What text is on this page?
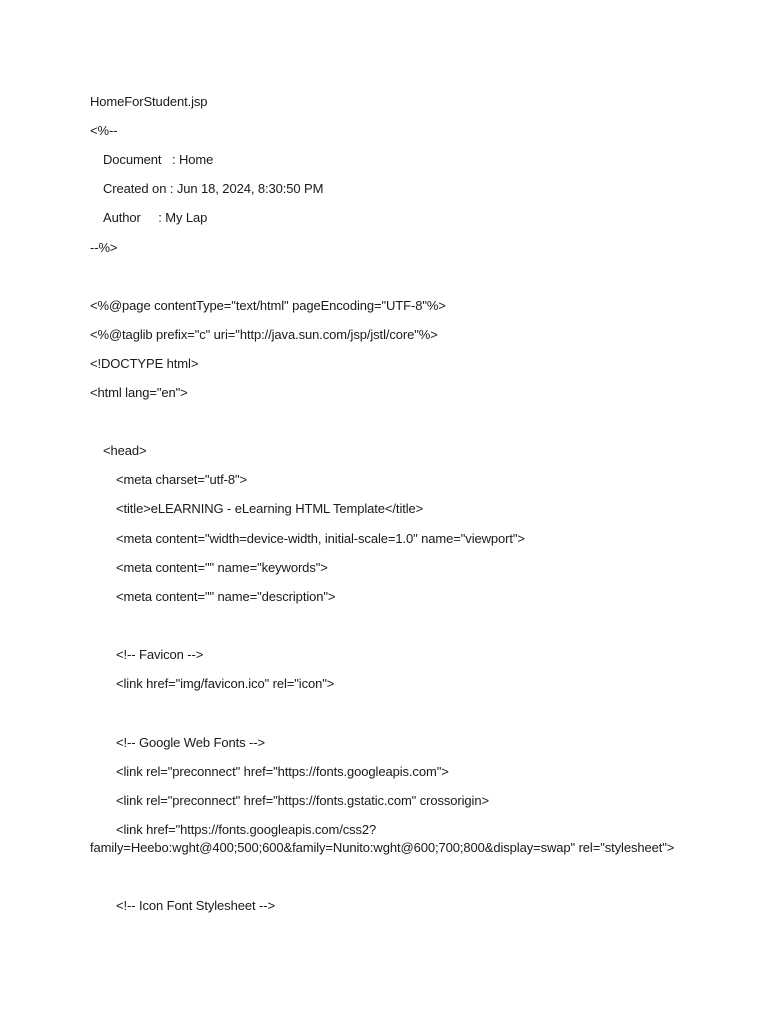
HomeForStudent.jsp
<%--
Document   : Home
Created on : Jun 18, 2024, 8:30:50 PM
Author     : My Lap
--%>
<%@page contentType="text/html" pageEncoding="UTF-8"%>
<%@taglib prefix="c" uri="http://java.sun.com/jsp/jstl/core"%>
<!DOCTYPE html>
<html lang="en">
<head>
<meta charset="utf-8">
<title>eLEARNING - eLearning HTML Template</title>
<meta content="width=device-width, initial-scale=1.0" name="viewport">
<meta content="" name="keywords">
<meta content="" name="description">
<!-- Favicon -->
<link href="img/favicon.ico" rel="icon">
<!-- Google Web Fonts -->
<link rel="preconnect" href="https://fonts.googleapis.com">
<link rel="preconnect" href="https://fonts.gstatic.com" crossorigin>
<link href="https://fonts.googleapis.com/css2?
family=Heebo:wght@400;500;600&family=Nunito:wght@600;700;800&display=swap" rel="stylesheet">
<!-- Icon Font Stylesheet -->
